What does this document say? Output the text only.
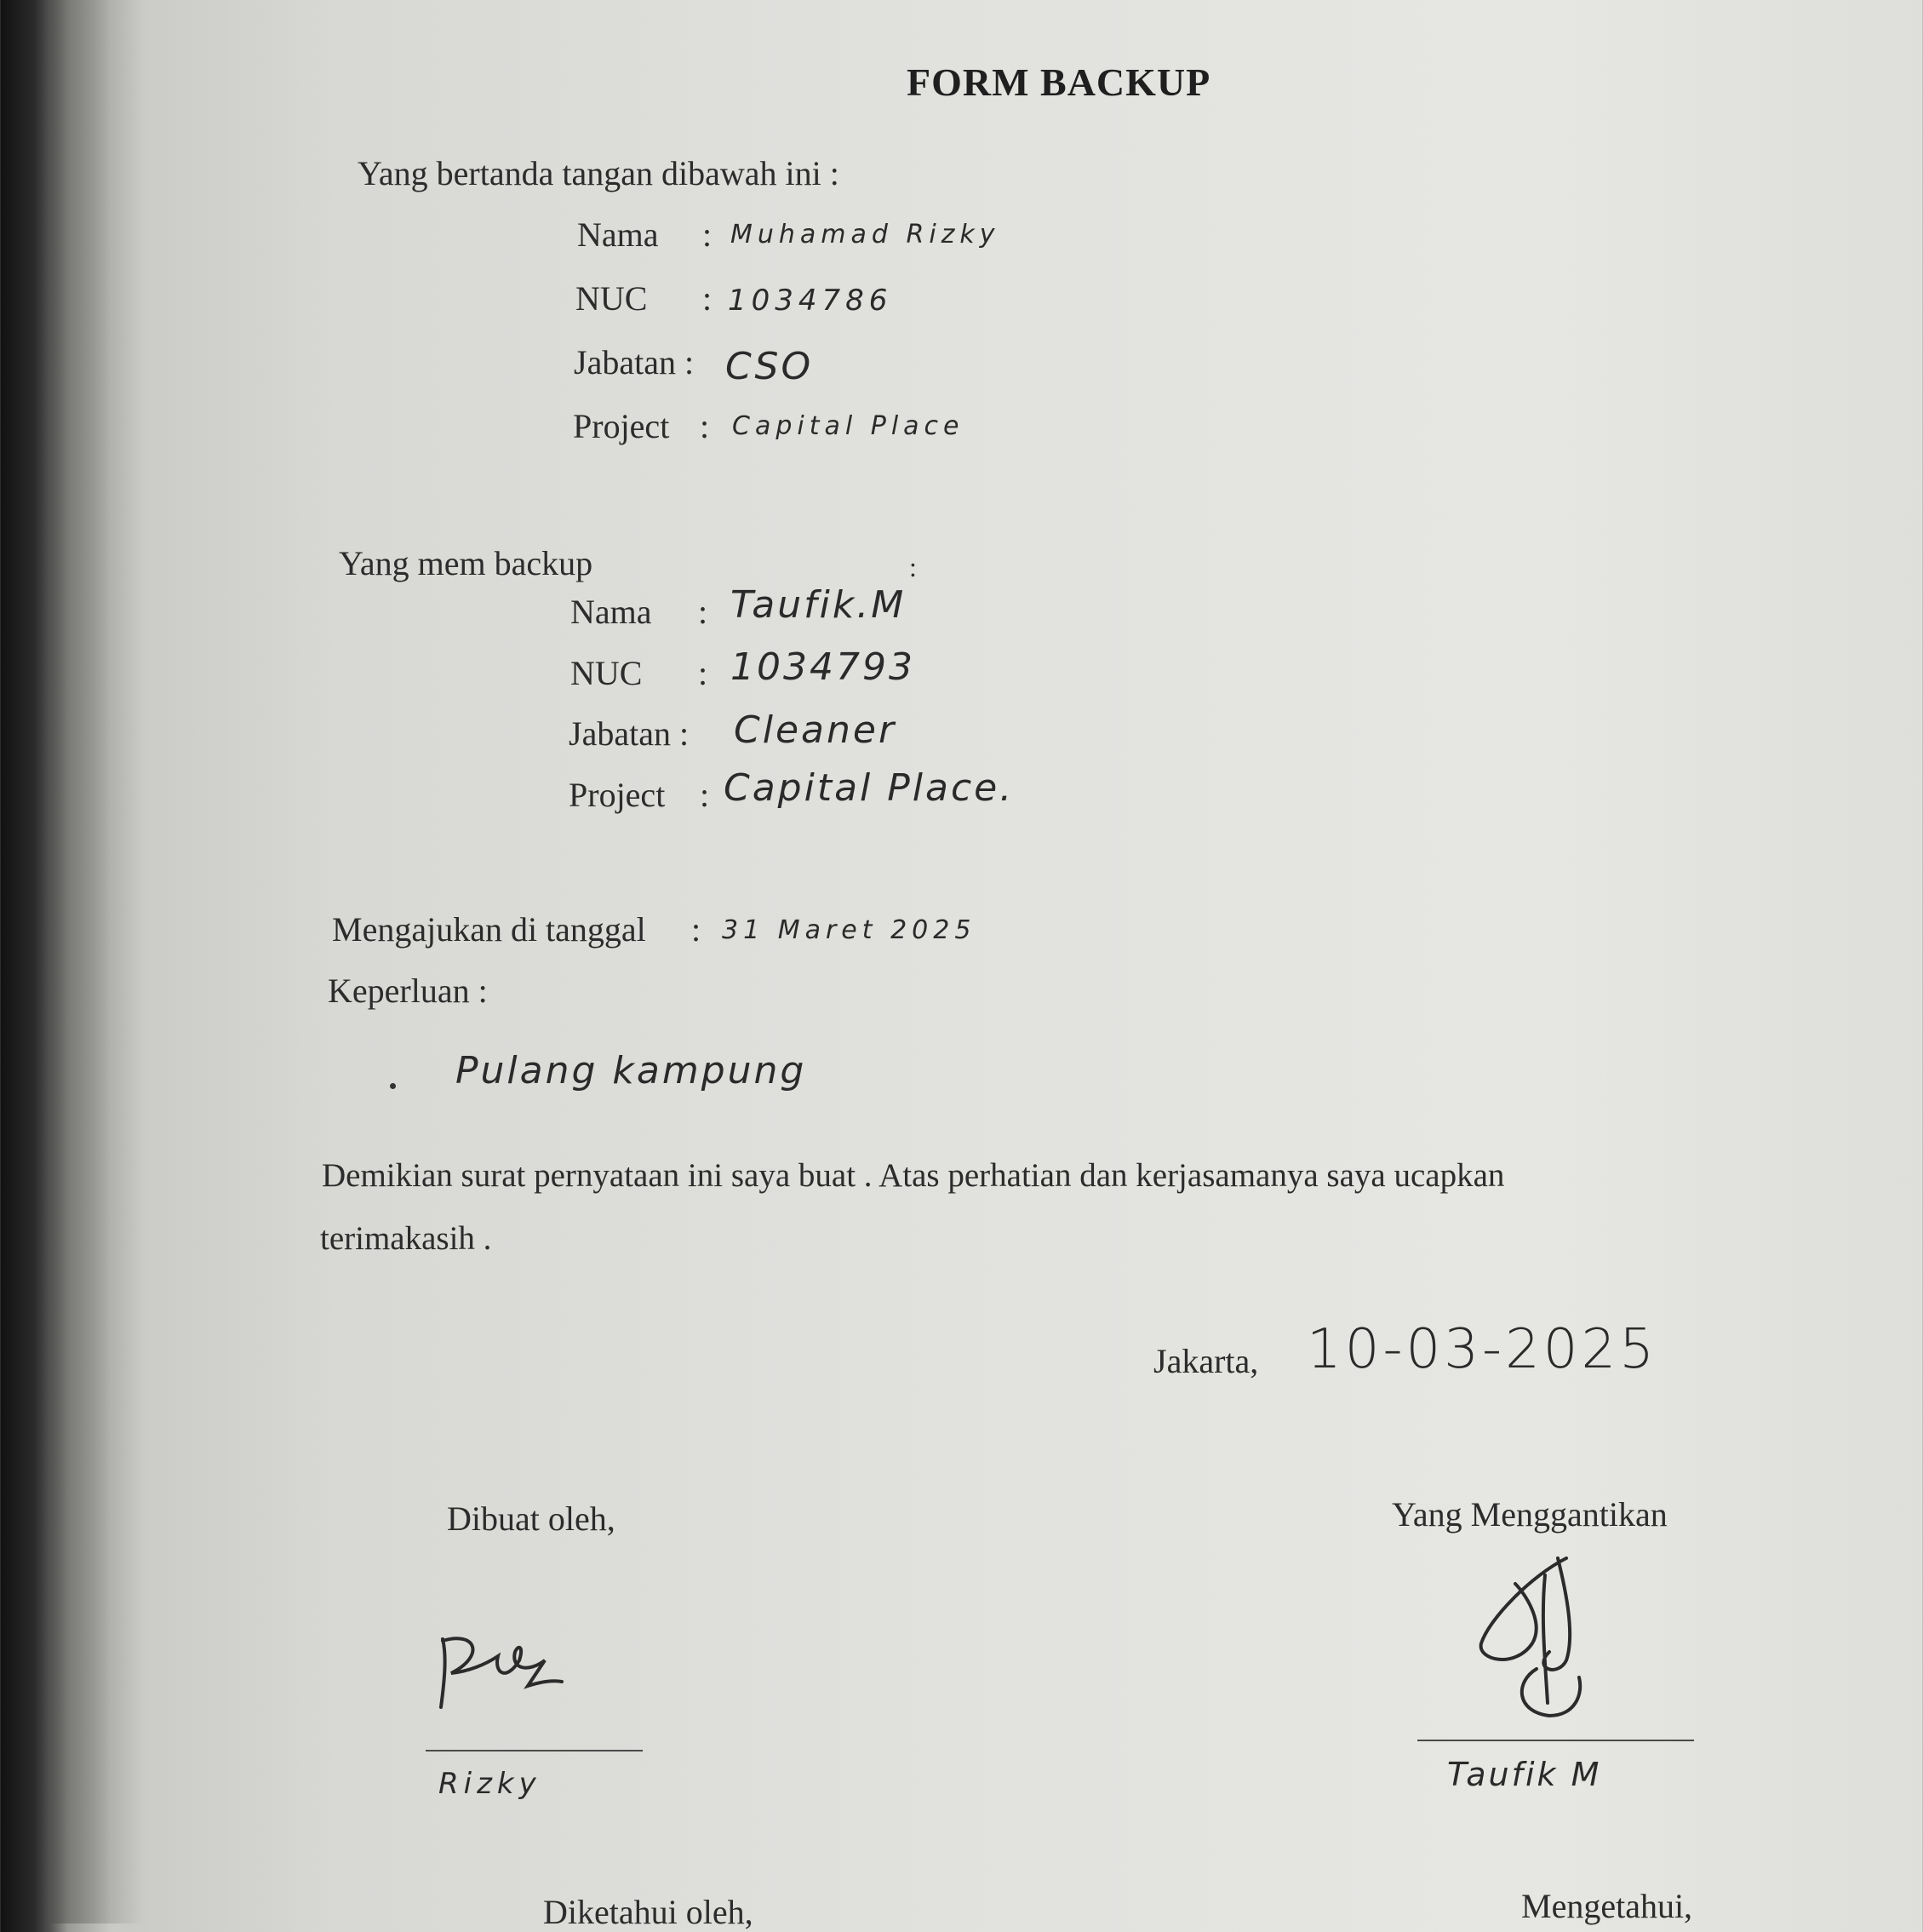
FORM BACKUP
Yang bertanda tangan dibawah ini :
Nama : Muhamad Rizky
NUC : 1034786
Jabatan : CSO
Project : Capital Place
Yang mem backup	:
Nama : Taufik.M
NUC : 1034793
Jabatan : Cleaner
Project : Capital Place.
Mengajukan di tanggal : 31 Maret 2025
Keperluan :
Pulang kampung
Demikian surat pernyataan ini saya buat . Atas perhatian dan kerjasamanya saya ucapkan
terimakasih .
Jakarta, 10-03-2025
Dibuat oleh,	Yang Menggantikan
Rizky	Taufik M
Diketahui oleh,	Mengetahui,
